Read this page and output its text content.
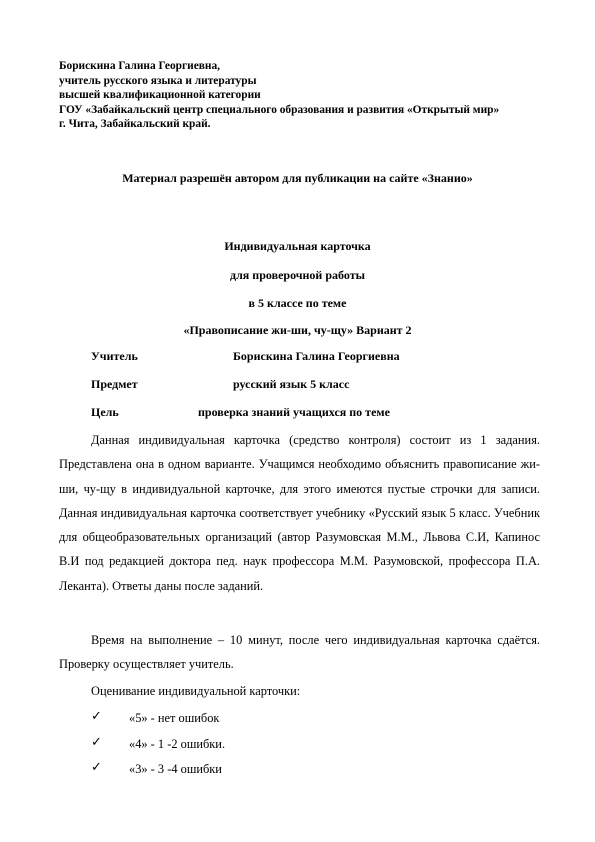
Борискина Галина Георгиевна,
учитель русского языка и литературы
высшей квалификационной категории
ГОУ «Забайкальский центр специального образования и развития «Открытый мир»
г. Чита, Забайкальский край.
Материал разрешён автором для публикации на сайте «Знанио»
Индивидуальная карточка
для проверочной работы
в 5 классе по теме
«Правописание жи-ши, чу-щу» Вариант 2
Учитель	Борискина Галина Георгиевна
Предмет	русский язык 5 класс
Цель	проверка знаний учащихся по теме
Данная индивидуальная карточка (средство контроля) состоит из 1 задания. Представлена она в одном варианте. Учащимся необходимо объяснить правописание жи-ши, чу-щу в индивидуальной карточке, для этого имеются пустые строчки для записи. Данная индивидуальная карточка соответствует учебнику «Русский язык 5 класс. Учебник для общеобразовательных организаций (автор Разумовская М.М., Львова С.И, Капинос В.И под редакцией доктора пед. наук профессора М.М. Разумовской, профессора П.А. Леканта). Ответы даны после заданий.
Время на выполнение – 10 минут, после чего индивидуальная карточка сдаётся. Проверку осуществляет учитель.
Оценивание индивидуальной карточки:
✓ «5» - нет ошибок
✓ «4» - 1 -2 ошибки.
✓ «3» - 3 -4 ошибки
